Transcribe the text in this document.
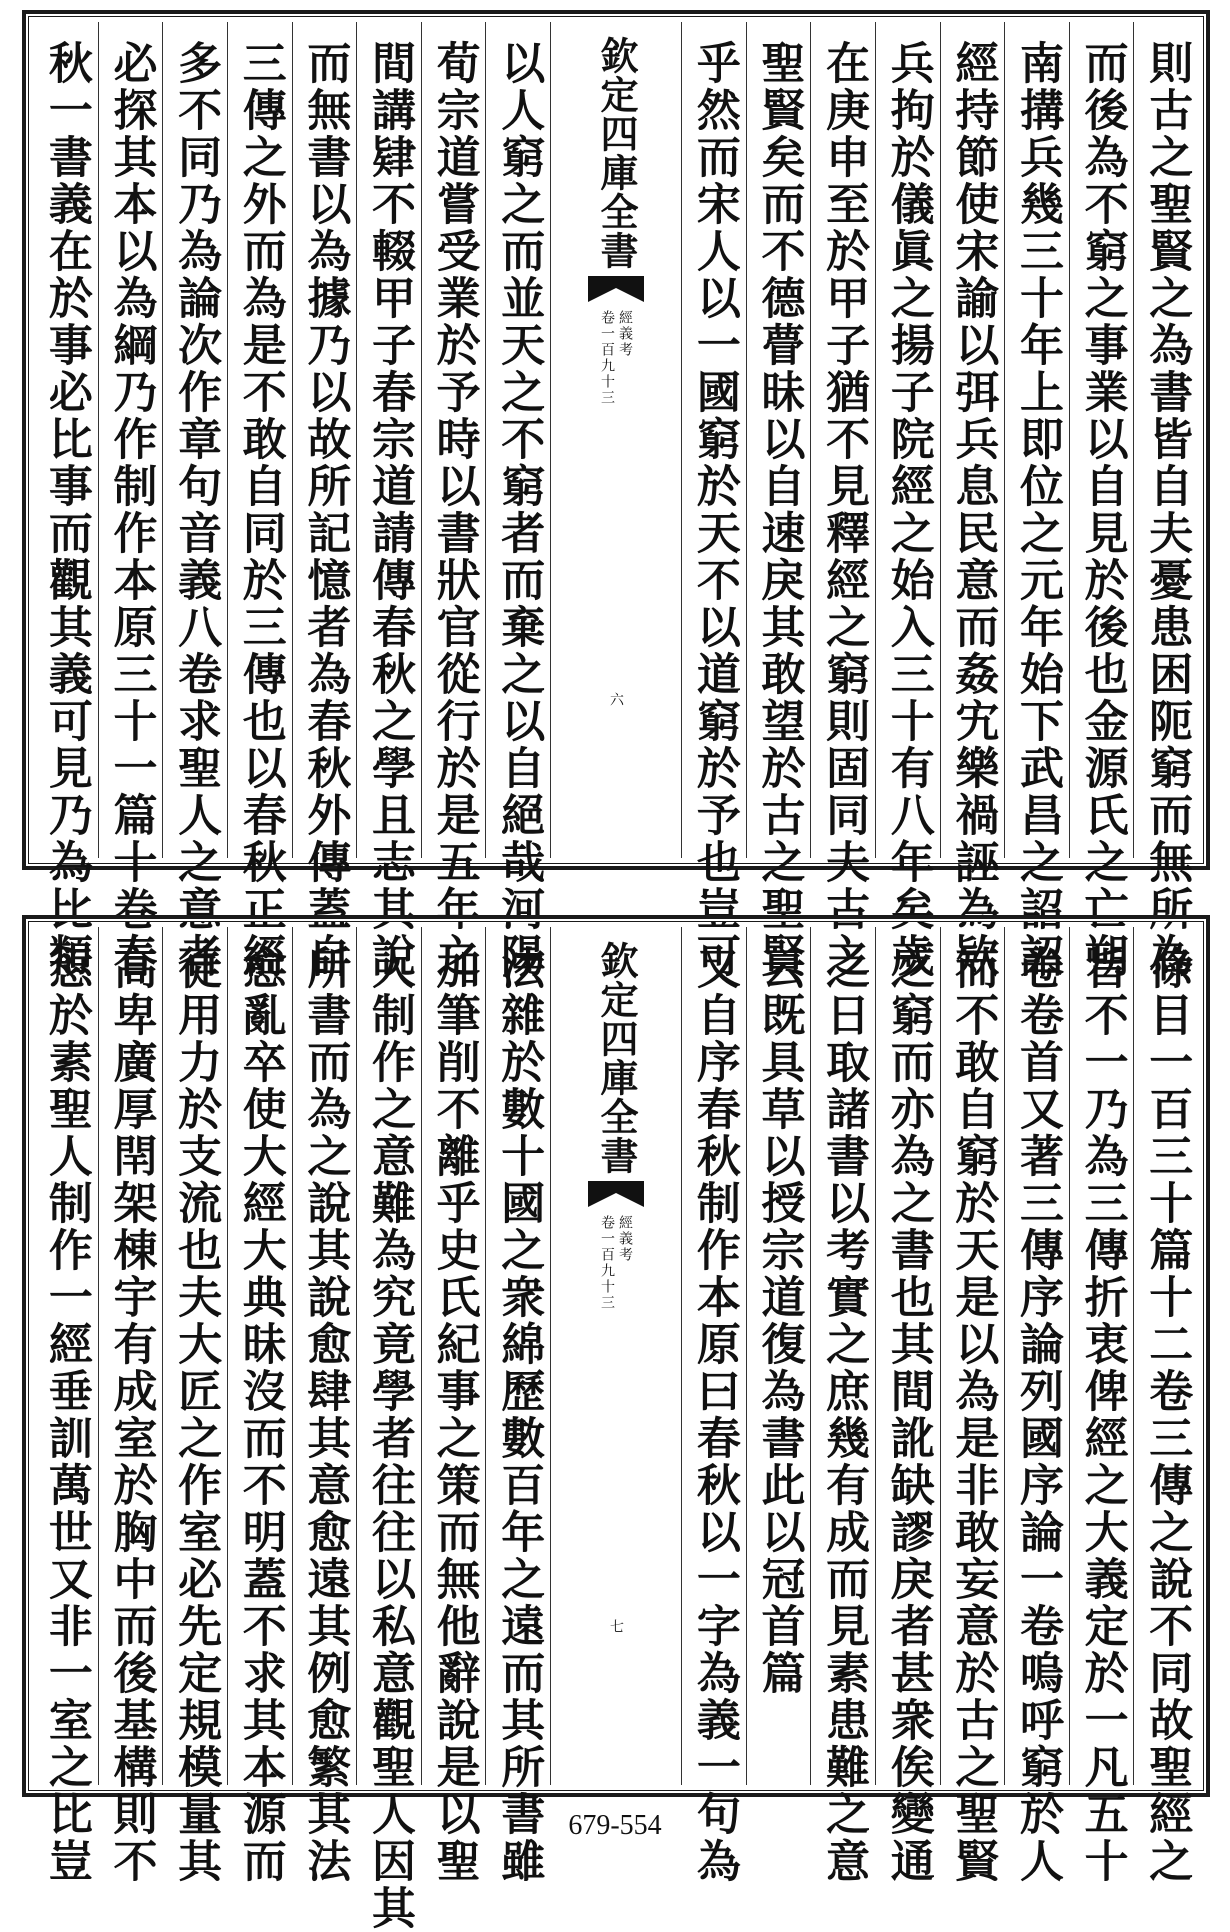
則古之聖賢之為書皆自夫憂患困阨窮而無所為
而後為不窮之事業以自見於後也金源氏之亡朔
南搆兵幾三十年上即位之元年始下武昌之詔詔
經持節使宋諭以弭兵息民意而姦宄樂禍誣為欵
兵拘於儀眞之揚子院經之始入三十有八年矣歲
在庚申至於甲子猶不見釋經之窮則固同夫古之
聖賢矣而不德瞢昧以自速戾其敢望於古之聖賢
乎然而宋人以一國窮於天不以道窮於予也豈可
欽定四庫全書
經義考
卷一百九十三
六
以人窮之而並天之不窮者而棄之以自絕哉河陽
荀宗道嘗受業於予時以書狀官從行於是五年之
間講肄不輟甲子春宗道請傳春秋之學且志其說
而無書以為據乃以故所記憶者為春秋外傳蓋自
三傳之外而為是不敢自同於三傳也以春秋正經
多不同乃為論次作章句音義八卷求聖人之意者
必探其本以為綱乃作制作本原三十一篇十卷春
秋一書義在於事必比事而觀其義可見乃為比類
條目一百三十篇十二卷三傳之說不同故聖經之
旨不一乃為三傳折衷俾經之大義定於一凡五十
卷卷首又著三傳序論列國序論一卷嗚呼窮於人
而不敢自窮於天是以為是非敢妄意於古之聖賢
之窮而亦為之書也其間訛缺謬戾者甚衆俟變通
之日取諸書以考實之庶幾有成而見素患難之意
云既具草以授宗道復為書此以冠首篇
又自序春秋制作本原曰春秋以一字為義一句為
欽定四庫全書
經義考
卷一百九十三
七
法雜於數十國之衆綿歷數百年之遠而其所書雖
加筆削不離乎史氏紀事之策而無他辭說是以聖
人制作之意難為究竟學者往往以私意觀聖人因其
所書而為之說其說愈肆其意愈遠其例愈繁其法
愈亂卒使大經大典昧沒而不明蓋不求其本源而
徒用力於支流也夫大匠之作室必先定規模量其
高卑廣厚閈架棟宇有成室於胸中而後基構則不
愆於素聖人制作一經垂訓萬世又非一室之比豈	679-554
